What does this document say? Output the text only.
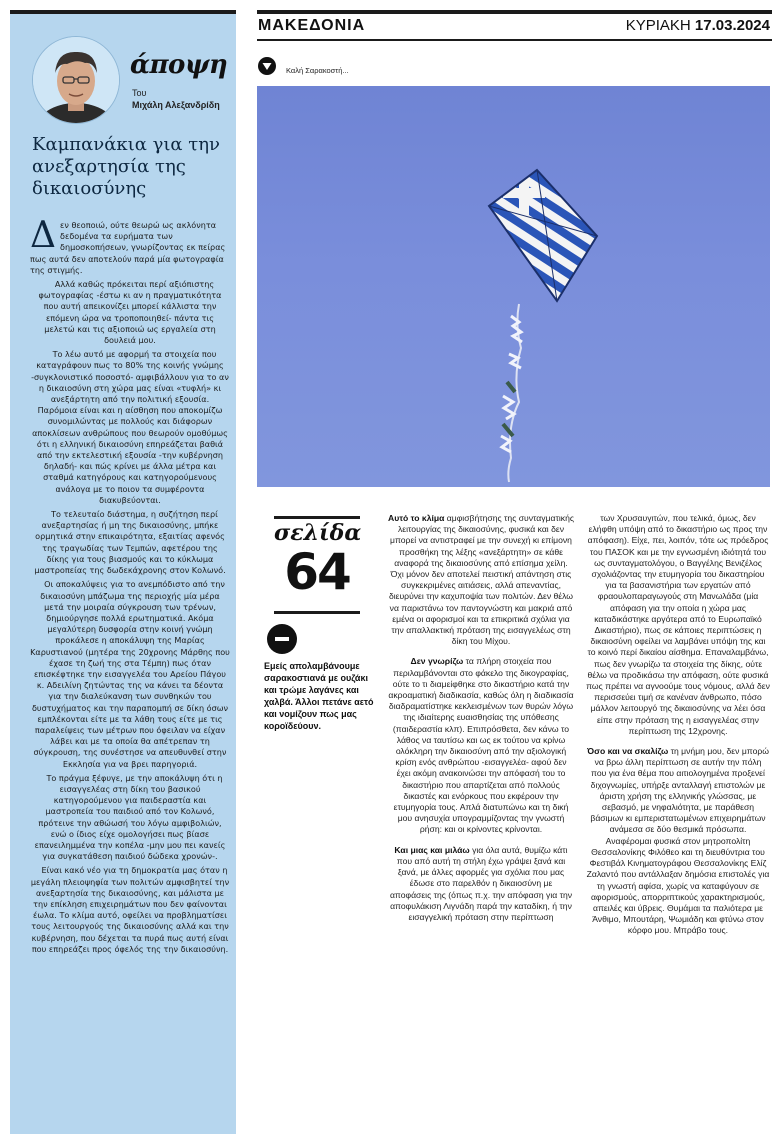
άποψη
Του
Μιχάλη Αλεξανδρίδη
Καμπανάκια για την ανεξαρτησία της δικαιοσύνης

Δεν θεοποιώ, ούτε θεωρώ ως ακλόνητα δεδομένα τα ευρήματα των δημοσκοπήσεων, γνωρίζοντας εκ πείρας πως αυτά δεν αποτελούν παρά μία φωτογραφία της στιγμής.

Αλλά καθώς πρόκειται περί αξιόπιστης φωτογραφίας -έστω κι αν η πραγματικότητα που αυτή απεικονίζει μπορεί κάλλιστα την επόμενη ώρα να τροποποιηθεί- πάντα τις μελετώ και τις αξιοποιώ ως εργαλεία στη δουλειά μου.

Το λέω αυτό με αφορμή τα στοιχεία που καταγράφουν πως το 80% της κοινής γνώμης -συγκλονιστικό ποσοστό- αμφιβάλλουν για το αν η δικαιοσύνη στη χώρα μας είναι «τυφλή» κι ανεξάρτητη από την πολιτική εξουσία. Παρόμοια είναι και η αίσθηση που αποκομίζω συνομιλώντας με πολλούς και διάφορων αποκλίσεων ανθρώπους που θεωρούν ομοθύμως ότι η ελληνική δικαιοσύνη επηρεάζεται βαθιά από την εκτελεστική εξουσία -την κυβέρνηση δηλαδή- και πώς κρίνει με άλλα μέτρα και σταθμά κατηγόρους και κατηγορούμενους ανάλογα με το ποιον τα συμφέροντα διακυβεύονται.

Το τελευταίο διάστημα, η συζήτηση περί ανεξαρτησίας ή μη της δικαιοσύνης, μπήκε ορμητικά στην επικαιρότητα, εξαιτίας αφενός της τραγωδίας των Τεμπών, αφετέρου της δίκης για τους βιασμούς και το κύκλωμα μαστροπείας της δωδεκάχρονης στον Κολωνό.

Οι αποκαλύψεις για το ανεμπόδιστο από την δικαιοσύνη μπάζωμα της περιοχής μία μέρα μετά την μοιραία σύγκρουση των τρένων, δημιούργησε πολλά ερωτηματικά. Ακόμα μεγαλύτερη δυσφορία στην κοινή γνώμη προκάλεσε η αποκάλυψη της Μαρίας Καρυστιανού (μητέρα της 20χρονης Μάρθης που έχασε τη ζωή της στα Τέμπη) πως όταν επισκέφτηκε την εισαγγελέα του Αρείου Πάγου κ. Αδειλίνη ζητώντας της να κάνει τα δέοντα για την διαλεύκανση των συνθηκών του δυστυχήματος και την παραπομπή σε δίκη όσων εμπλέκονται είτε με τα λάθη τους είτε με τις παραλείψεις των μέτρων που όφειλαν να είχαν λάβει και με τα οποία θα απέτρεπαν τη σύγκρουση, της συνέστησε να απευθυνθεί στην Εκκλησία για να βρει παρηγοριά.

Το πράγμα ξέφυγε, με την αποκάλυψη ότι η εισαγγελέας στη δίκη του βασικού κατηγορούμενου για παιδεραστία και μαστροπεία του παιδιού από τον Κολωνό, πρότεινε την αθώωσή του λόγω αμφιβολιών, ενώ ο ίδιος είχε ομολογήσει πως βίασε επανειλημμένα την κοπέλα -μην μου πει κανείς για συγκατάθεση παιδιού δώδεκα χρονών-.

Είναι κακό νέο για τη δημοκρατία μας όταν η μεγάλη πλειοψηφία των πολιτών αμφισβητεί την ανεξαρτησία της δικαιοσύνης, και μάλιστα με την επίκληση επιχειρημάτων που δεν φαίνονται έωλα. Το κλίμα αυτό, οφείλει να προβληματίσει τους λειτουργούς της δικαιοσύνης αλλά και την κυβέρνηση, που δέχεται τα πυρά πως αυτή είναι που επηρεάζει προς όφελός της την δικαιοσύνη.

ΜΑΚΕΔΟΝΙΑ	ΚΥΡΙΑΚΗ 17.03.2024
Καλή Σαρακοστή...
σελίδα
64
Εμείς απολαμβάνουμε σαρακοστιανά με ουζάκι και τρώμε λαγάνες και χαλβά. Άλλοι πετάνε αετό και νομίζουν πως μας κοροϊδεύουν.

Αυτό το κλίμα αμφισβήτησης της συνταγματικής λειτουργίας της δικαιοσύνης, φυσικά και δεν μπορεί να αντιστραφεί με την συνεχή κι επίμονη προσθήκη της λέξης «ανεξάρτητη» σε κάθε αναφορά της δικαιοσύνης από επίσημα χείλη. Όχι μόνον δεν αποτελεί πειστική απάντηση στις συγκεκριμένες αιτιάσεις, αλλά απεναντίας, διευρύνει την καχυποψία των πολιτών. Δεν θέλω να παριστάνω τον παντογνώστη και μακριά από εμένα οι αφορισμοί και τα επικριτικά σχόλια για την απαλλακτική πρόταση της εισαγγελέως στη δίκη του Μίχου.

Δεν γνωρίζω τα πλήρη στοιχεία που περιλαμβάνονται στο φάκελο της δικογραφίας, ούτε το τι διαμείφθηκε στο δικαστήριο κατά την ακροαματική διαδικασία, καθώς όλη η διαδικασία διαδραματίστηκε κεκλεισμένων των θυρών λόγω της ιδιαίτερης ευαισθησίας της υπόθεσης (παιδεραστία κλπ). Επιπρόσθετα, δεν κάνω το λάθος να ταυτίσω και ως εκ τούτου να κρίνω ολόκληρη την δικαιοσύνη από την αξιολογική κρίση ενός ανθρώπου -εισαγγελέα- αφού δεν έχει ακόμη ανακοινώσει την απόφασή του το δικαστήριο που απαρτίζεται από πολλούς δικαστές και ενόρκους που εκφέρουν την ετυμηγορία τους. Απλά διατυπώνω και τη δική μου ανησυχία υπογραμμίζοντας την γνωστή ρήση: και οι κρίνοντες κρίνονται.

Και μιας και μιλάω για όλα αυτά, θυμίζω κάτι που από αυτή τη στήλη έχω γράψει ξανά και ξανά, με άλλες αφορμές για σχόλια που μας έδωσε στο παρελθόν η δικαιοσύνη με αποφάσεις της (όπως π.χ. την απόφαση για την αποφυλάκιση Λιγνάδη παρά την καταδίκη, ή την εισαγγελική πρόταση στην περίπτωση

των Χρυσαυγιτών, που τελικά, όμως, δεν ελήφθη υπόψη από το δικαστήριο ως προς την απόφαση). Είχε, πει, λοιπόν, τότε ως πρόεδρος του ΠΑΣΟΚ και με την εγνωσμένη ιδιότητά του ως συνταγματολόγου, ο Βαγγέλης Βενιζέλος σχολιάζοντας την ετυμηγορία του δικαστηρίου για τα βασανιστήρια των εργατών από φραουλοπαραγωγούς στη Μανωλάδα (μία απόφαση για την οποία η χώρα μας καταδικάστηκε αργότερα από το Ευρωπαϊκό Δικαστήριο), πως σε κάποιες περιπτώσεις η δικαιοσύνη οφείλει να λαμβάνει υπόψη της και το κοινό περί δικαίου αίσθημα. Επαναλαμβάνω, πως δεν γνωρίζω τα στοιχεία της δίκης, ούτε θέλω να προδικάσω την απόφαση, ούτε φυσικά πως πρέπει να αγνοούμε τους νόμους, αλλά δεν περισσεύει τιμή σε κανέναν άνθρωπο, πόσο μάλλον λειτουργό της δικαιοσύνης να λέει όσα είπε στην πρόταση της η εισαγγελέας στην περίπτωση της 12χρονης.

Όσο και να σκαλίζω τη μνήμη μου, δεν μπορώ να βρω άλλη περίπτωση σε αυτήν την πόλη που για ένα θέμα που αιτιολογημένα προξενεί διχογνωμίες, υπήρξε ανταλλαγή επιστολών με άριστη χρήση της ελληνικής γλώσσας, με σεβασμό, με νηφαλιότητα, με παράθεση βάσιμων κι εμπεριστατωμένων επιχειρημάτων ανάμεσα σε δύο θεσμικά πρόσωπα. Αναφέρομαι φυσικά στον μητροπολίτη Θεσσαλονίκης Φιλόθεο και τη διευθύντρια του Φεστιβάλ Κινηματογράφου Θεσσαλονίκης Ελίζ Ζαλαντό που αντάλλαξαν δημόσια επιστολές για τη γνωστή αφίσα, χωρίς να καταφύγουν σε αφορισμούς, απορριπτικούς χαρακτηρισμούς, απειλές και ύβρεις. Θυμάμαι τα παλιότερα με Άνθιμο, Μπουτάρη, Ψωμιάδη και φτύνω στον κόρφο μου. Μπράβο τους.
